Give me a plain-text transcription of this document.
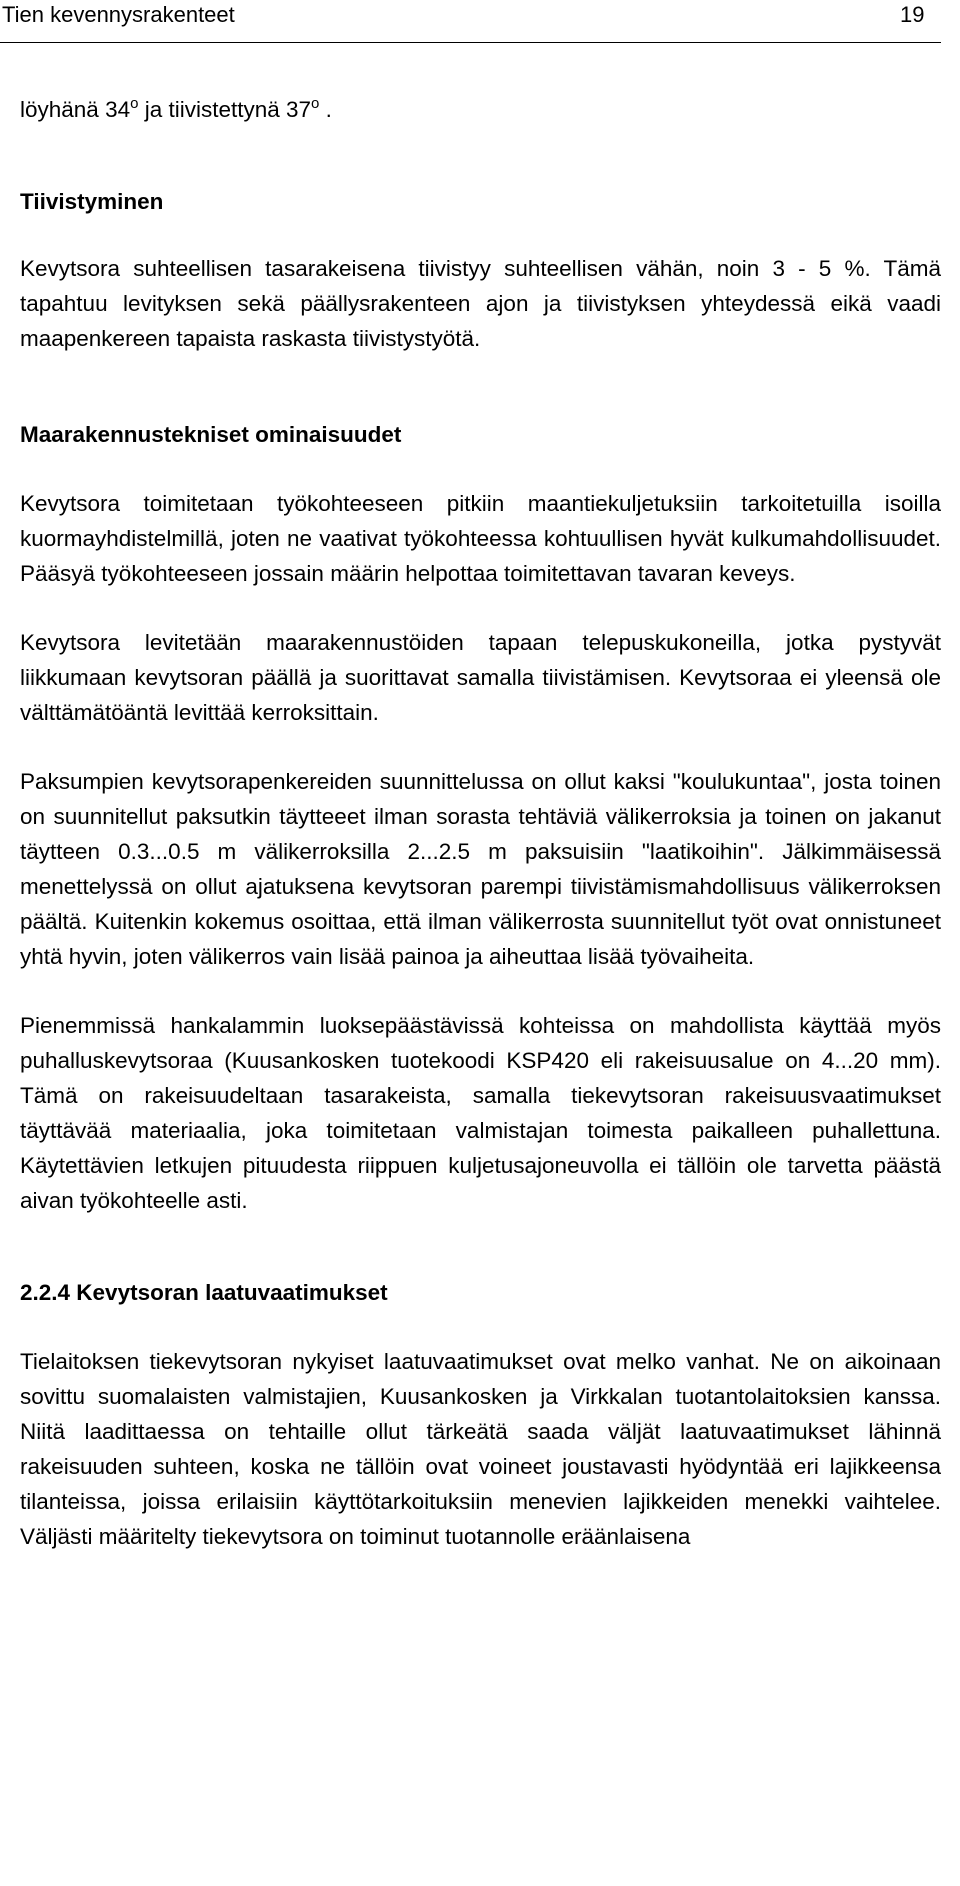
Tien kevennysrakenteet	19

löyhänä 34$^o$ ja tiivistettynä 37$^o$ .

Tiivistyminen

Kevytsora suhteellisen tasarakeisena tiivistyy suhteellisen vähän, noin 3 - 5 %. Tämä tapahtuu levityksen sekä päällysrakenteen ajon ja tiivistyksen yhteydessä eikä vaadi maapenkereen tapaista raskasta tiivistystyötä.

Maarakennustekniset ominaisuudet

Kevytsora toimitetaan työkohteeseen pitkiin maantiekuljetuksiin tarkoitetuilla isoilla kuormayhdistelmillä, joten ne vaativat työkohteessa kohtuullisen hyvät kulkumahdollisuudet. Pääsyä työkohteeseen jossain määrin helpottaa toimitettavan tavaran keveys.

Kevytsora levitetään maarakennustöiden tapaan telepuskukoneilla, jotka pystyvät liikkumaan kevytsoran päällä ja suorittavat samalla tiivistämisen. Kevytsoraa ei yleensä ole välttämätöäntä levittää kerroksittain.

Paksumpien kevytsorapenkereiden suunnittelussa on ollut kaksi "koulukuntaa", josta toinen on suunnitellut paksutkin täytteeet ilman sorasta tehtäviä välikerroksia ja toinen on jakanut täytteen 0.3...0.5 m välikerroksilla 2...2.5 m paksuisiin "laatikoihin". Jälkimmäisessä menettelyssä on ollut ajatuksena kevytsoran parempi tiivistämismahdollisuus välikerroksen päältä. Kuitenkin kokemus osoittaa, että ilman välikerrosta suunnitellut työt ovat onnistuneet yhtä hyvin, joten välikerros vain lisää painoa ja aiheuttaa lisää työvaiheita.

Pienemmissä hankalammin luoksepäästävissä kohteissa on mahdollista käyttää myös puhalluskevytsoraa (Kuusankosken tuotekoodi KSP420 eli rakeisuusalue on 4...20 mm). Tämä on rakeisuudeltaan tasarakeista, samalla tiekevytsoran rakeisuusvaatimukset täyttävää materiaalia, joka toimitetaan valmistajan toimesta paikalleen puhallettuna. Käytettävien letkujen pituudesta riippuen kuljetusajoneuvolla ei tällöin ole tarvetta päästä aivan työkohteelle asti.

2.2.4 Kevytsoran laatuvaatimukset

Tielaitoksen tiekevytsoran nykyiset laatuvaatimukset ovat melko vanhat. Ne on aikoinaan sovittu suomalaisten valmistajien, Kuusankosken ja Virkkalan tuotantolaitoksien kanssa. Niitä laadittaessa on tehtaille ollut tärkeätä saada väljät laatuvaatimukset lähinnä rakeisuuden suhteen, koska ne tällöin ovat voineet joustavasti hyödyntää eri lajikkeensa tilanteissa, joissa erilaisiin käyttötarkoituksiin menevien lajikkeiden menekki vaihtelee. Väljästi määritelty tiekevytsora on toiminut tuotannolle eräänlaisena
